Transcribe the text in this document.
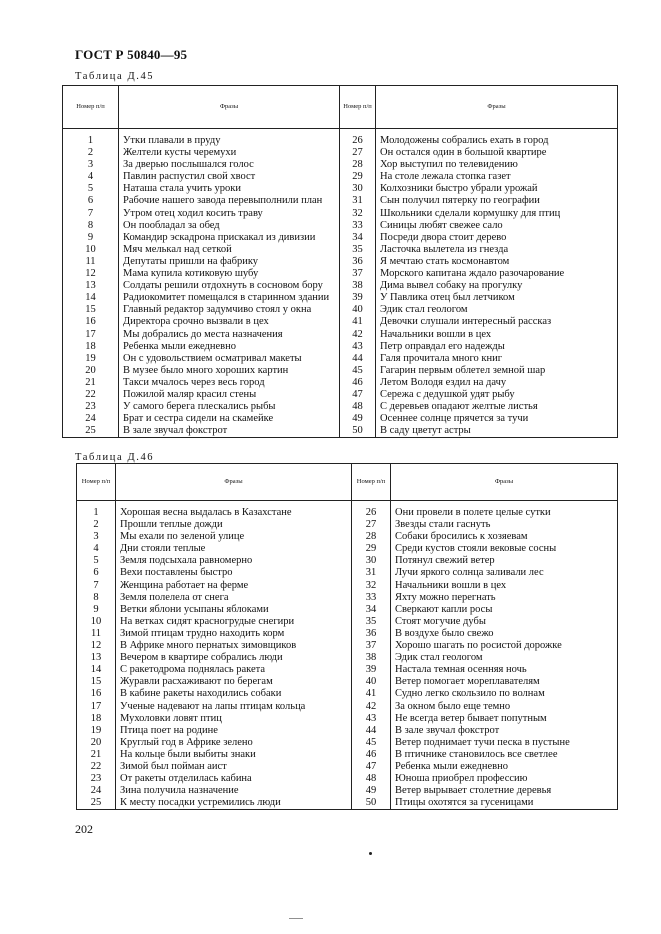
ГОСТ Р 50840—95
Таблица Д.45
Номер п/п	Фразы	Номер п/п	Фразы

1	Утки плавали в пруду	26	Молодожены собрались ехать в город
2	Желтели кусты черемухи	27	Он остался один в большой квартире
3	За дверью послышался голос	28	Хор выступил по телевидению
4	Павлин распустил свой хвост	29	На столе лежала стопка газет
5	Наташа стала учить уроки	30	Колхозники быстро убрали урожай
6	Рабочие нашего завода перевыполнили план	31	Сын получил пятерку по географии
7	Утром отец ходил косить траву	32	Школьники сделали кормушку для птиц
8	Он пообладал за обед	33	Синицы любят свежее сало
9	Командир эскадрона прискакал из дивизии	34	Посреди двора стоит дерево
10	Мяч мелькал над сеткой	35	Ласточка вылетела из гнезда
11	Депутаты пришли на фабрику	36	Я мечтаю стать космонавтом
12	Мама купила котиковую шубу	37	Морского капитана ждало разочарование
13	Солдаты решили отдохнуть в сосновом бору	38	Дима вывел собаку на прогулку
14	Радиокомитет помещался в старинном здании	39	У Павлика отец был летчиком
15	Главный редактор задумчиво стоял у окна	40	Эдик стал геологом
16	Директора срочно вызвали в цех	41	Девочки слушали интересный рассказ
17	Мы добрались до места назначения	42	Начальники вошли в цех
18	Ребенка мыли ежедневно	43	Петр оправдал его надежды
19	Он с удовольствием осматривал макеты	44	Галя прочитала много книг
20	В музее было много хороших картин	45	Гагарин первым облетел земной шар
21	Такси мчалось через весь город	46	Летом Володя ездил на дачу
22	Пожилой маляр красил стены	47	Сережа с дедушкой удят рыбу
23	У самого берега плескались рыбы	48	С деревьев опадают желтые листья
24	Брат и сестра сидели на скамейке	49	Осеннее солнце прячется за тучи
25	В зале звучал фокстрот	50	В саду цветут астры
Таблица Д.46
Номер п/п	Фразы	Номер п/п	Фразы

1	Хорошая весна выдалась в Казахстане	26	Они провели в полете целые сутки
2	Прошли теплые дожди	27	Звезды стали гаснуть
3	Мы ехали по зеленой улице	28	Собаки бросились к хозяевам
4	Дни стояли теплые	29	Среди кустов стояли вековые сосны
5	Земля подсыхала равномерно	30	Потянул свежий ветер
6	Вехи поставлены быстро	31	Лучи яркого солнца заливали лес
7	Женщина работает на ферме	32	Начальники вошли в цех
8	Земля полелела от снега	33	Яхту можно перегнать
9	Ветки яблони усыпаны яблоками	34	Сверкают капли росы
10	На ветках сидят красногрудые снегири	35	Стоят могучие дубы
11	Зимой птицам трудно находить корм	36	В воздухе было свежо
12	В Африке много пернатых зимовщиков	37	Хорошо шагать по росистой дорожке
13	Вечером в квартире собрались люди	38	Эдик стал геологом
14	С ракетодрома поднялась ракета	39	Настала темная осенняя ночь
15	Журавли расхаживают по берегам	40	Ветер помогает мореплавателям
16	В кабине ракеты находились собаки	41	Судно легко скользило по волнам
17	Ученые надевают на лапы птицам кольца	42	За окном было еще темно
18	Мухоловки ловят птиц	43	Не всегда ветер бывает попутным
19	Птица поет на родине	44	В зале звучал фокстрот
20	Круглый год в Африке зелено	45	Ветер поднимает тучи песка в пустыне
21	На кольце были выбиты знаки	46	В птичнике становилось все светлее
22	Зимой был пойман аист	47	Ребенка мыли ежедневно
23	От ракеты отделилась кабина	48	Юноша приобрел профессию
24	Зина получила назначение	49	Ветер вырывает столетние деревья
25	К месту посадки устремились люди	50	Птицы охотятся за гусеницами
202
